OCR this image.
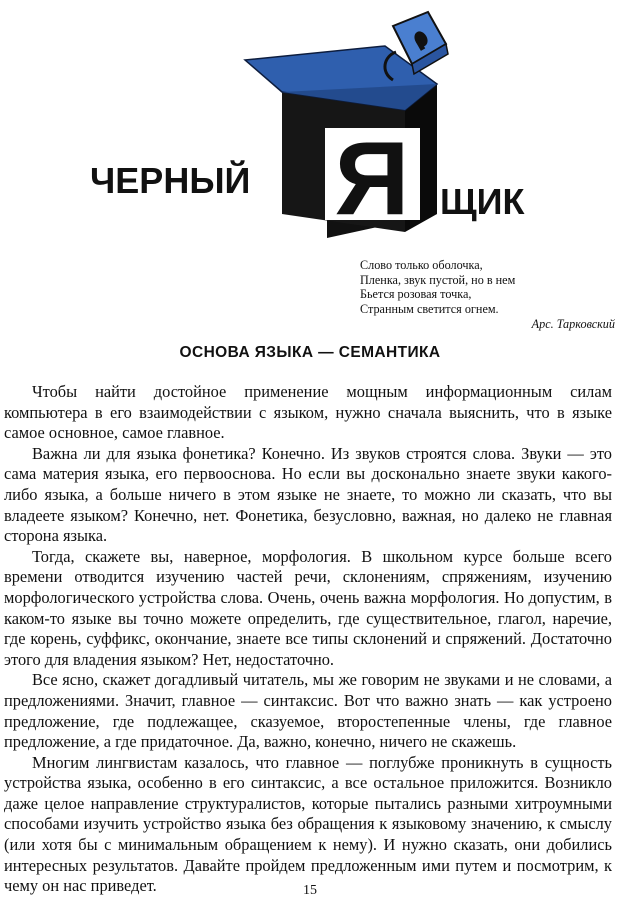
Я
ЧЕРНЫЙ
ЩИК
Слово только оболочка,
Пленка, звук пустой, но в нем
Бьется розовая точка,
Странным светится огнем.
Арс. Тарковский
ОСНОВА ЯЗЫКА — СЕМАНТИКА

Чтобы найти достойное применение мощным информационным силам компьютера в его взаимодействии с языком, нужно сначала выяснить, что в языке самое основное, самое главное.

Важна ли для языка фонетика? Конечно. Из звуков строятся слова. Звуки — это сама материя языка, его первооснова. Но если вы досконально знаете звуки какого-либо языка, а больше ничего в этом языке не знаете, то можно ли сказать, что вы владеете языком? Конечно, нет. Фонетика, безусловно, важная, но далеко не главная сторона языка.

Тогда, скажете вы, наверное, морфология. В школьном курсе больше всего времени отводится изучению частей речи, склонениям, спряжениям, изучению морфологического устройства слова. Очень, очень важна морфология. Но допустим, в каком-то языке вы точно можете определить, где существительное, глагол, наречие, где корень, суффикс, окончание, знаете все типы склонений и спряжений. Достаточно этого для владения языком? Нет, недостаточно.

Все ясно, скажет догадливый читатель, мы же говорим не звуками и не словами, а предложениями. Значит, главное — синтаксис. Вот что важно знать — как устроено предложение, где подлежащее, сказуемое, второстепенные члены, где главное предложение, а где придаточное. Да, важно, конечно, ничего не скажешь.

Многим лингвистам казалось, что главное — поглубже проникнуть в сущность устройства языка, особенно в его синтаксис, а все остальное приложится. Возникло даже целое направление структуралистов, которые пытались разными хитроумными способами изучить устройство языка без обращения к языковому значению, к смыслу (или хотя бы с минимальным обращением к нему). И нужно сказать, они добились интересных результатов. Давайте пройдем предложенным ими путем и посмотрим, к чему он нас приведет.	15
